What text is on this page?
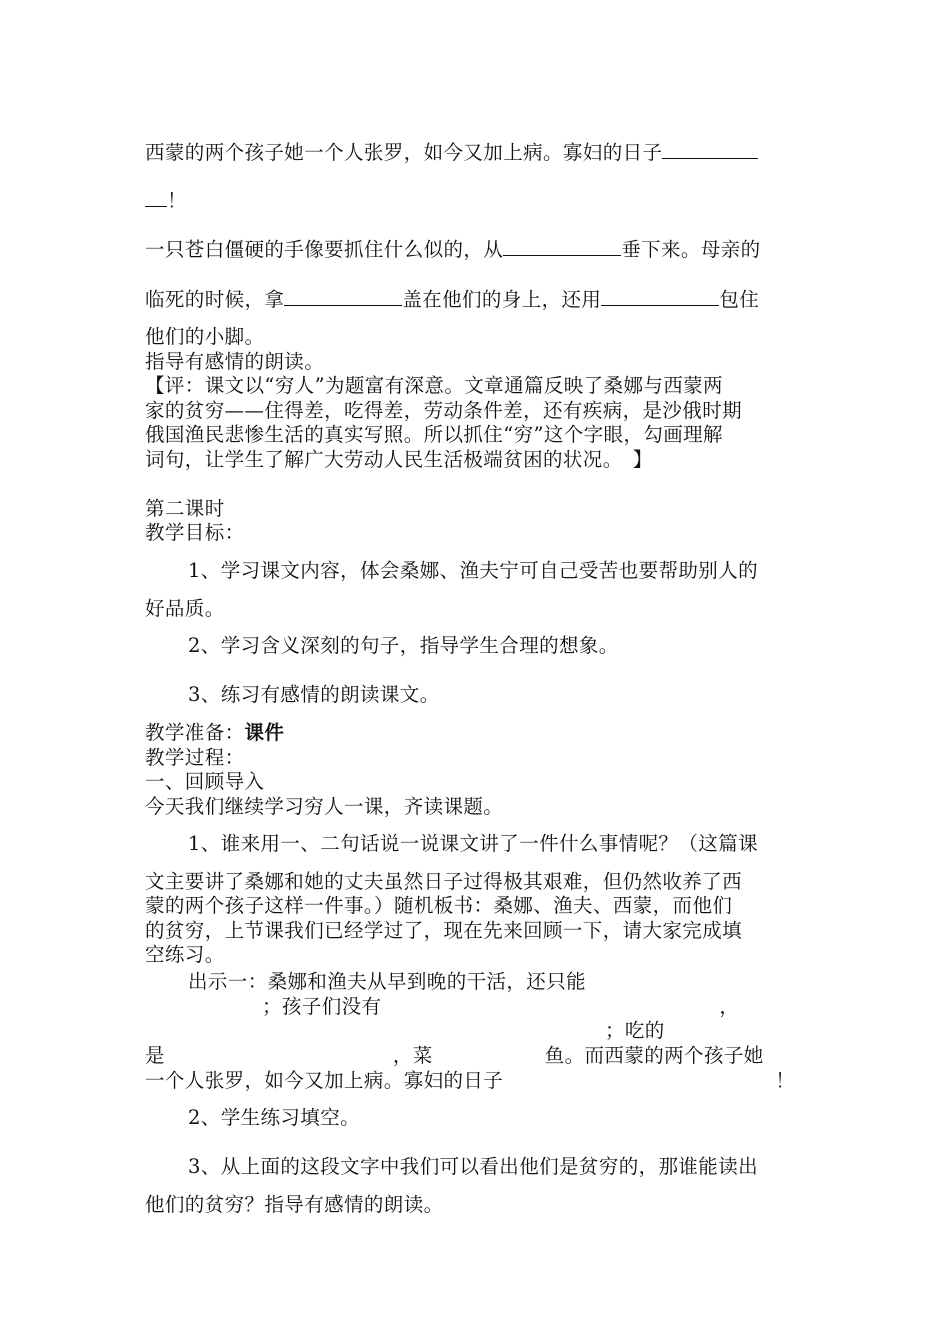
西蒙的两个孩子她一个人张罗，如今又加上病。寡妇的日子
！
一只苍白僵硬的手像要抓住什么似的，从	垂下来。母亲的
临死的时候，拿	盖在他们的身上，还用	包住
他们的小脚。
指导有感情的朗读。
【评：课文以“穷人”为题富有深意。文章通篇反映了桑娜与西蒙两
家的贫穷——住得差，吃得差，劳动条件差，还有疾病，是沙俄时期
俄国渔民悲惨生活的真实写照。所以抓住“穷”这个字眼，勾画理解
词句，让学生了解广大劳动人民生活极端贫困的状况。　】
第二课时
教学目标：
1、学习课文内容，体会桑娜、渔夫宁可自己受苦也要帮助别人的
好品质。
2、学习含义深刻的句子，指导学生合理的想象。
3、练习有感情的朗读课文。
教学准备：课件
教学过程：
一、回顾导入
今天我们继续学习穷人一课，齐读课题。
1、谁来用一、二句话说一说课文讲了一件什么事情呢？（这篇课
文主要讲了桑娜和她的丈夫虽然日子过得极其艰难，但仍然收养了西
蒙的两个孩子这样一件事。）随机板书：桑娜、渔夫、西蒙，而他们
的贫穷，上节课我们已经学过了，现在先来回顾一下，请大家完成填
空练习。
出示一：桑娜和渔夫从早到晚的干活，还只能
；孩子们没有	，
；吃的
是	，菜	鱼。而西蒙的两个孩子她
一个人张罗，如今又加上病。寡妇的日子	！
2、学生练习填空。
3、从上面的这段文字中我们可以看出他们是贫穷的，那谁能读出
他们的贫穷？指导有感情的朗读。
